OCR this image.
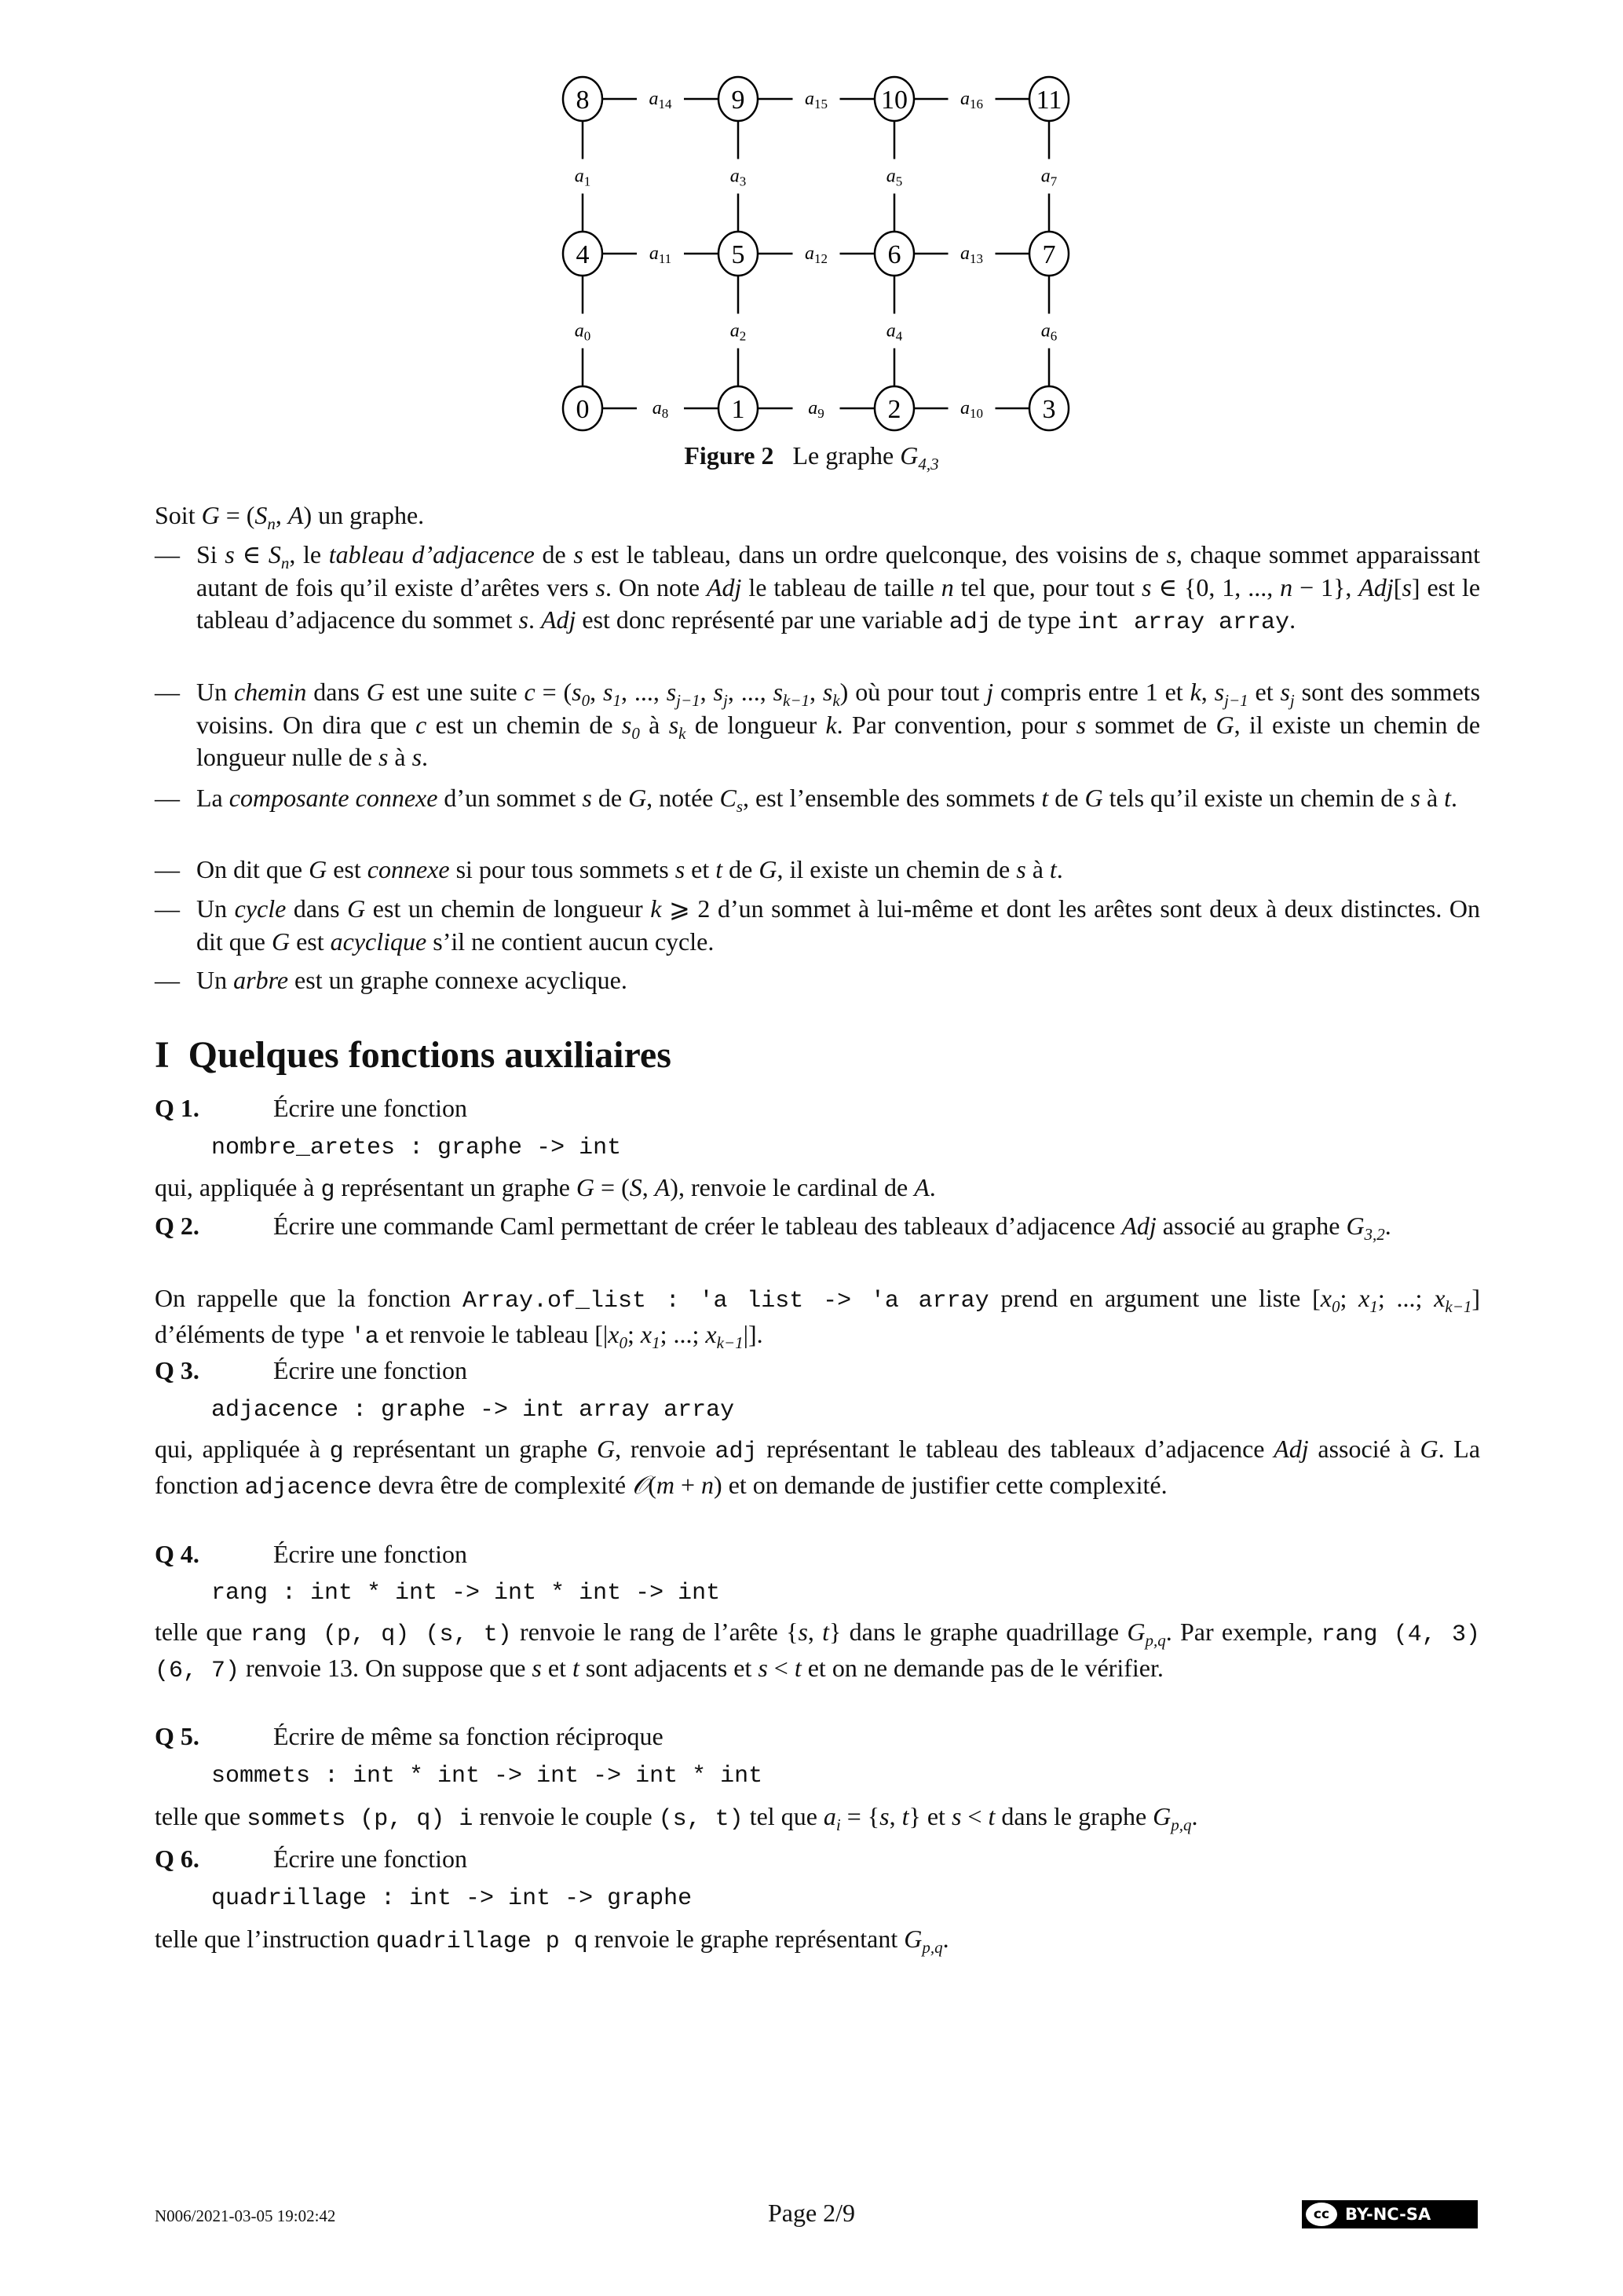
$a_0$
$a_1$
$a_2$
$a_3$
$a_4$
$a_5$
$a_6$
$a_7$
$a_8$	$a_9$	$a_{10}$
$a_{11}$	$a_{12}$	$a_{13}$
$a_{14}$	$a_{15}$	$a_{16}$
0	1	2	3
4	5	6	7
8	9	10	11
Figure 2 Le graphe $G_{4,3}$
Soit $G = (S_n$, A) un graphe.
— Si s ∈ $S_n$, le tableau d’adjacence de s est le tableau, dans un ordre quelconque, des voisins de s, chaque sommet apparaissant autant de fois qu’il existe d’arêtes vers s. On note Adj le tableau de taille n tel que, pour tout s ∈ {0, 1, ..., n − 1}, Adj[s] est le tableau d’adjacence du sommet s. Adj est donc représenté par une variable adj de type int array array.
— Un chemin dans G est une suite $c = (s_0$, $s_1$, ..., $s_{j-1}$, $s_j$, ..., $s_{k-1}$, $s_k$) où pour tout j compris entre 1 et k, $s_{j-1}$ et $s_j$ sont des sommets voisins. On dira que c est un chemin de $s_0$ à $s_k$ de longueur k. Par convention, pour s sommet de G, il existe un chemin de longueur nulle de s à s.
— La composante connexe d’un sommet s de G, notée $C_s$, est l’ensemble des sommets t de G tels qu’il existe un chemin de s à t.
— On dit que G est connexe si pour tous sommets s et t de G, il existe un chemin de s à t.
— Un cycle dans G est un chemin de longueur k ⩾ 2 d’un sommet à lui-même et dont les arêtes sont deux à deux distinctes. On dit que G est acyclique s’il ne contient aucun cycle.
— Un arbre est un graphe connexe acyclique.
I  Quelques fonctions auxiliaires
Q 1.	Écrire une fonction
nombre_aretes : graphe -> int
qui, appliquée à g représentant un graphe G = (S, A), renvoie le cardinal de A.
Q 2.	Écrire une commande Caml permettant de créer le tableau des tableaux d’adjacence Adj associé au graphe $G_{3,2}$.
On rappelle que la fonction Array.of_list : 'a list -> 'a array prend en argument une liste [$x_0$; $x_1$; ...; $x_{k-1}$] d’éléments de type 'a et renvoie le tableau [$|x_0$; $x_1$; ...; $x_{k-1}|$].
Q 3.	Écrire une fonction
adjacence : graphe -> int array array
qui, appliquée à g représentant un graphe G, renvoie adj représentant le tableau des tableaux d’adjacence Adj associé à G. La fonction adjacence devra être de complexité 𝒪(m + n) et on demande de justifier cette complexité.
Q 4.	Écrire une fonction
rang : int * int -> int * int -> int
telle que rang (p, q) (s, t) renvoie le rang de l’arête {s, t} dans le graphe quadrillage $G_{p,q}$. Par exemple, rang (4, 3) (6, 7) renvoie 13. On suppose que s et t sont adjacents et s < t et on ne demande pas de le vérifier.
Q 5.	Écrire de même sa fonction réciproque
sommets : int * int -> int -> int * int
telle que sommets (p, q) i renvoie le couple (s, t) tel que $a_i = \{s$, t} et s < t dans le graphe $G_{p,q}$.
Q 6.	Écrire une fonction
quadrillage : int -> int -> graphe
telle que l’instruction quadrillage p q renvoie le graphe représentant $G_{p,q}$.
N006/2021-03-05 19:02:42	Page 2/9	cc BY-NC-SA
